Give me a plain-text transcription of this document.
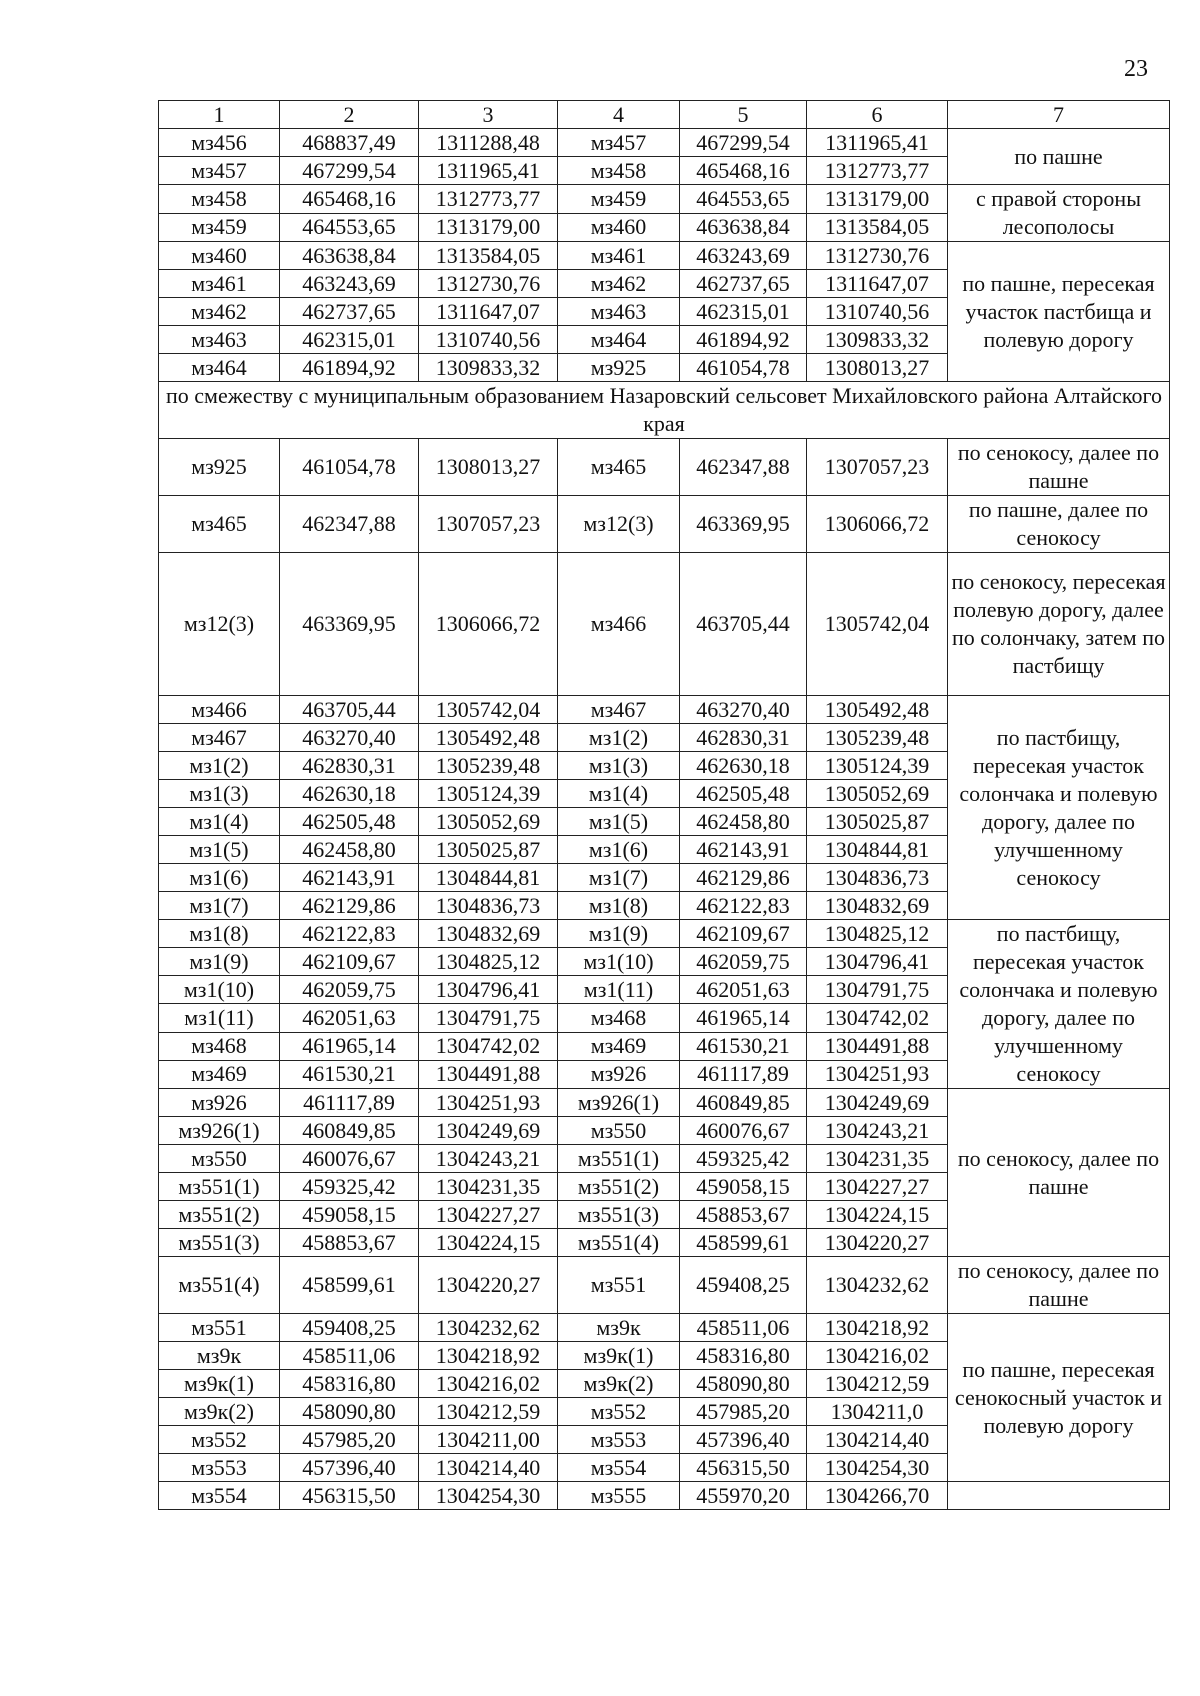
23
1	2	3	4	5	6	7
мз456	468837,49	1311288,48	мз457	467299,54	1311965,41	по пашне
мз457	467299,54	1311965,41	мз458	465468,16	1312773,77	
мз458	465468,16	1312773,77	мз459	464553,65	1313179,00	с правой стороны лесополосы
мз459	464553,65	1313179,00	мз460	463638,84	1313584,05	
мз460	463638,84	1313584,05	мз461	463243,69	1312730,76	по пашне, пересекая участок пастбища и полевую дорогу
мз461	463243,69	1312730,76	мз462	462737,65	1311647,07	
мз462	462737,65	1311647,07	мз463	462315,01	1310740,56	
мз463	462315,01	1310740,56	мз464	461894,92	1309833,32	
мз464	461894,92	1309833,32	мз925	461054,78	1308013,27	
по смежеству с муниципальным образованием Назаровский сельсовет Михайловского района Алтайского края						
мз925	461054,78	1308013,27	мз465	462347,88	1307057,23	по сенокосу, далее по пашне
мз465	462347,88	1307057,23	мз12(3)	463369,95	1306066,72	по пашне, далее по сенокосу
мз12(3)	463369,95	1306066,72	мз466	463705,44	1305742,04	по сенокосу, пересекая полевую дорогу, далее по солончаку, затем по пастбищу
мз466	463705,44	1305742,04	мз467	463270,40	1305492,48	по пастбищу, пересекая участок солончака и полевую дорогу, далее по улучшенному сенокосу
мз467	463270,40	1305492,48	мз1(2)	462830,31	1305239,48	
мз1(2)	462830,31	1305239,48	мз1(3)	462630,18	1305124,39	
мз1(3)	462630,18	1305124,39	мз1(4)	462505,48	1305052,69	
мз1(4)	462505,48	1305052,69	мз1(5)	462458,80	1305025,87	
мз1(5)	462458,80	1305025,87	мз1(6)	462143,91	1304844,81	
мз1(6)	462143,91	1304844,81	мз1(7)	462129,86	1304836,73	
мз1(7)	462129,86	1304836,73	мз1(8)	462122,83	1304832,69	
мз1(8)	462122,83	1304832,69	мз1(9)	462109,67	1304825,12	по пастбищу, пересекая участок солончака и полевую дорогу, далее по улучшенному сенокосу
мз1(9)	462109,67	1304825,12	мз1(10)	462059,75	1304796,41	
мз1(10)	462059,75	1304796,41	мз1(11)	462051,63	1304791,75	
мз1(11)	462051,63	1304791,75	мз468	461965,14	1304742,02	
мз468	461965,14	1304742,02	мз469	461530,21	1304491,88	
мз469	461530,21	1304491,88	мз926	461117,89	1304251,93	
мз926	461117,89	1304251,93	мз926(1)	460849,85	1304249,69	по сенокосу, далее по пашне
мз926(1)	460849,85	1304249,69	мз550	460076,67	1304243,21	
мз550	460076,67	1304243,21	мз551(1)	459325,42	1304231,35	
мз551(1)	459325,42	1304231,35	мз551(2)	459058,15	1304227,27	
мз551(2)	459058,15	1304227,27	мз551(3)	458853,67	1304224,15	
мз551(3)	458853,67	1304224,15	мз551(4)	458599,61	1304220,27	
мз551(4)	458599,61	1304220,27	мз551	459408,25	1304232,62	по сенокосу, далее по пашне
мз551	459408,25	1304232,62	мз9к	458511,06	1304218,92	по пашне, пересекая сенокосный участок и полевую дорогу
мз9к	458511,06	1304218,92	мз9к(1)	458316,80	1304216,02	
мз9к(1)	458316,80	1304216,02	мз9к(2)	458090,80	1304212,59	
мз9к(2)	458090,80	1304212,59	мз552	457985,20	1304211,0	
мз552	457985,20	1304211,00	мз553	457396,40	1304214,40	
мз553	457396,40	1304214,40	мз554	456315,50	1304254,30	
мз554	456315,50	1304254,30	мз555	455970,20	1304266,70	
